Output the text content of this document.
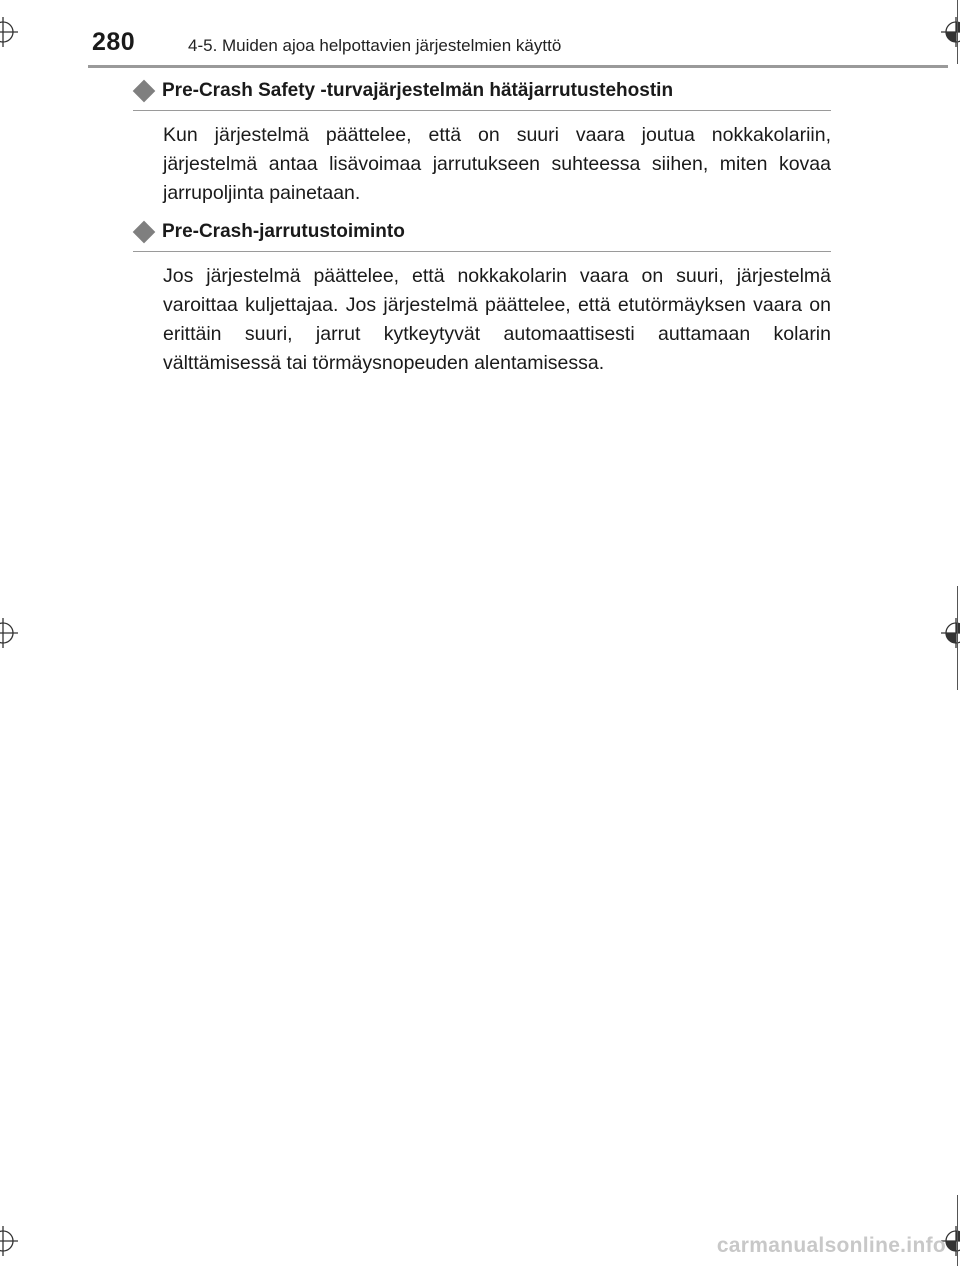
280	4-5. Muiden ajoa helpottavien järjestelmien käyttö
Pre-Crash Safety -turvajärjestelmän hätäjarrutustehostin

Kun järjestelmä päättelee, että on suuri vaara joutua nokkakolariin, järjestelmä antaa lisävoimaa jarrutukseen suhteessa siihen, miten kovaa jarrupoljinta painetaan.

Pre-Crash-jarrutustoiminto

Jos järjestelmä päättelee, että nokkakolarin vaara on suuri, järjestelmä varoittaa kuljettajaa. Jos järjestelmä päättelee, että etutörmäyksen vaara on erittäin suuri, jarrut kytkeytyvät automaattisesti auttamaan kolarin välttämisessä tai törmäysnopeuden alentamisessa.

carmanualsonline.info
